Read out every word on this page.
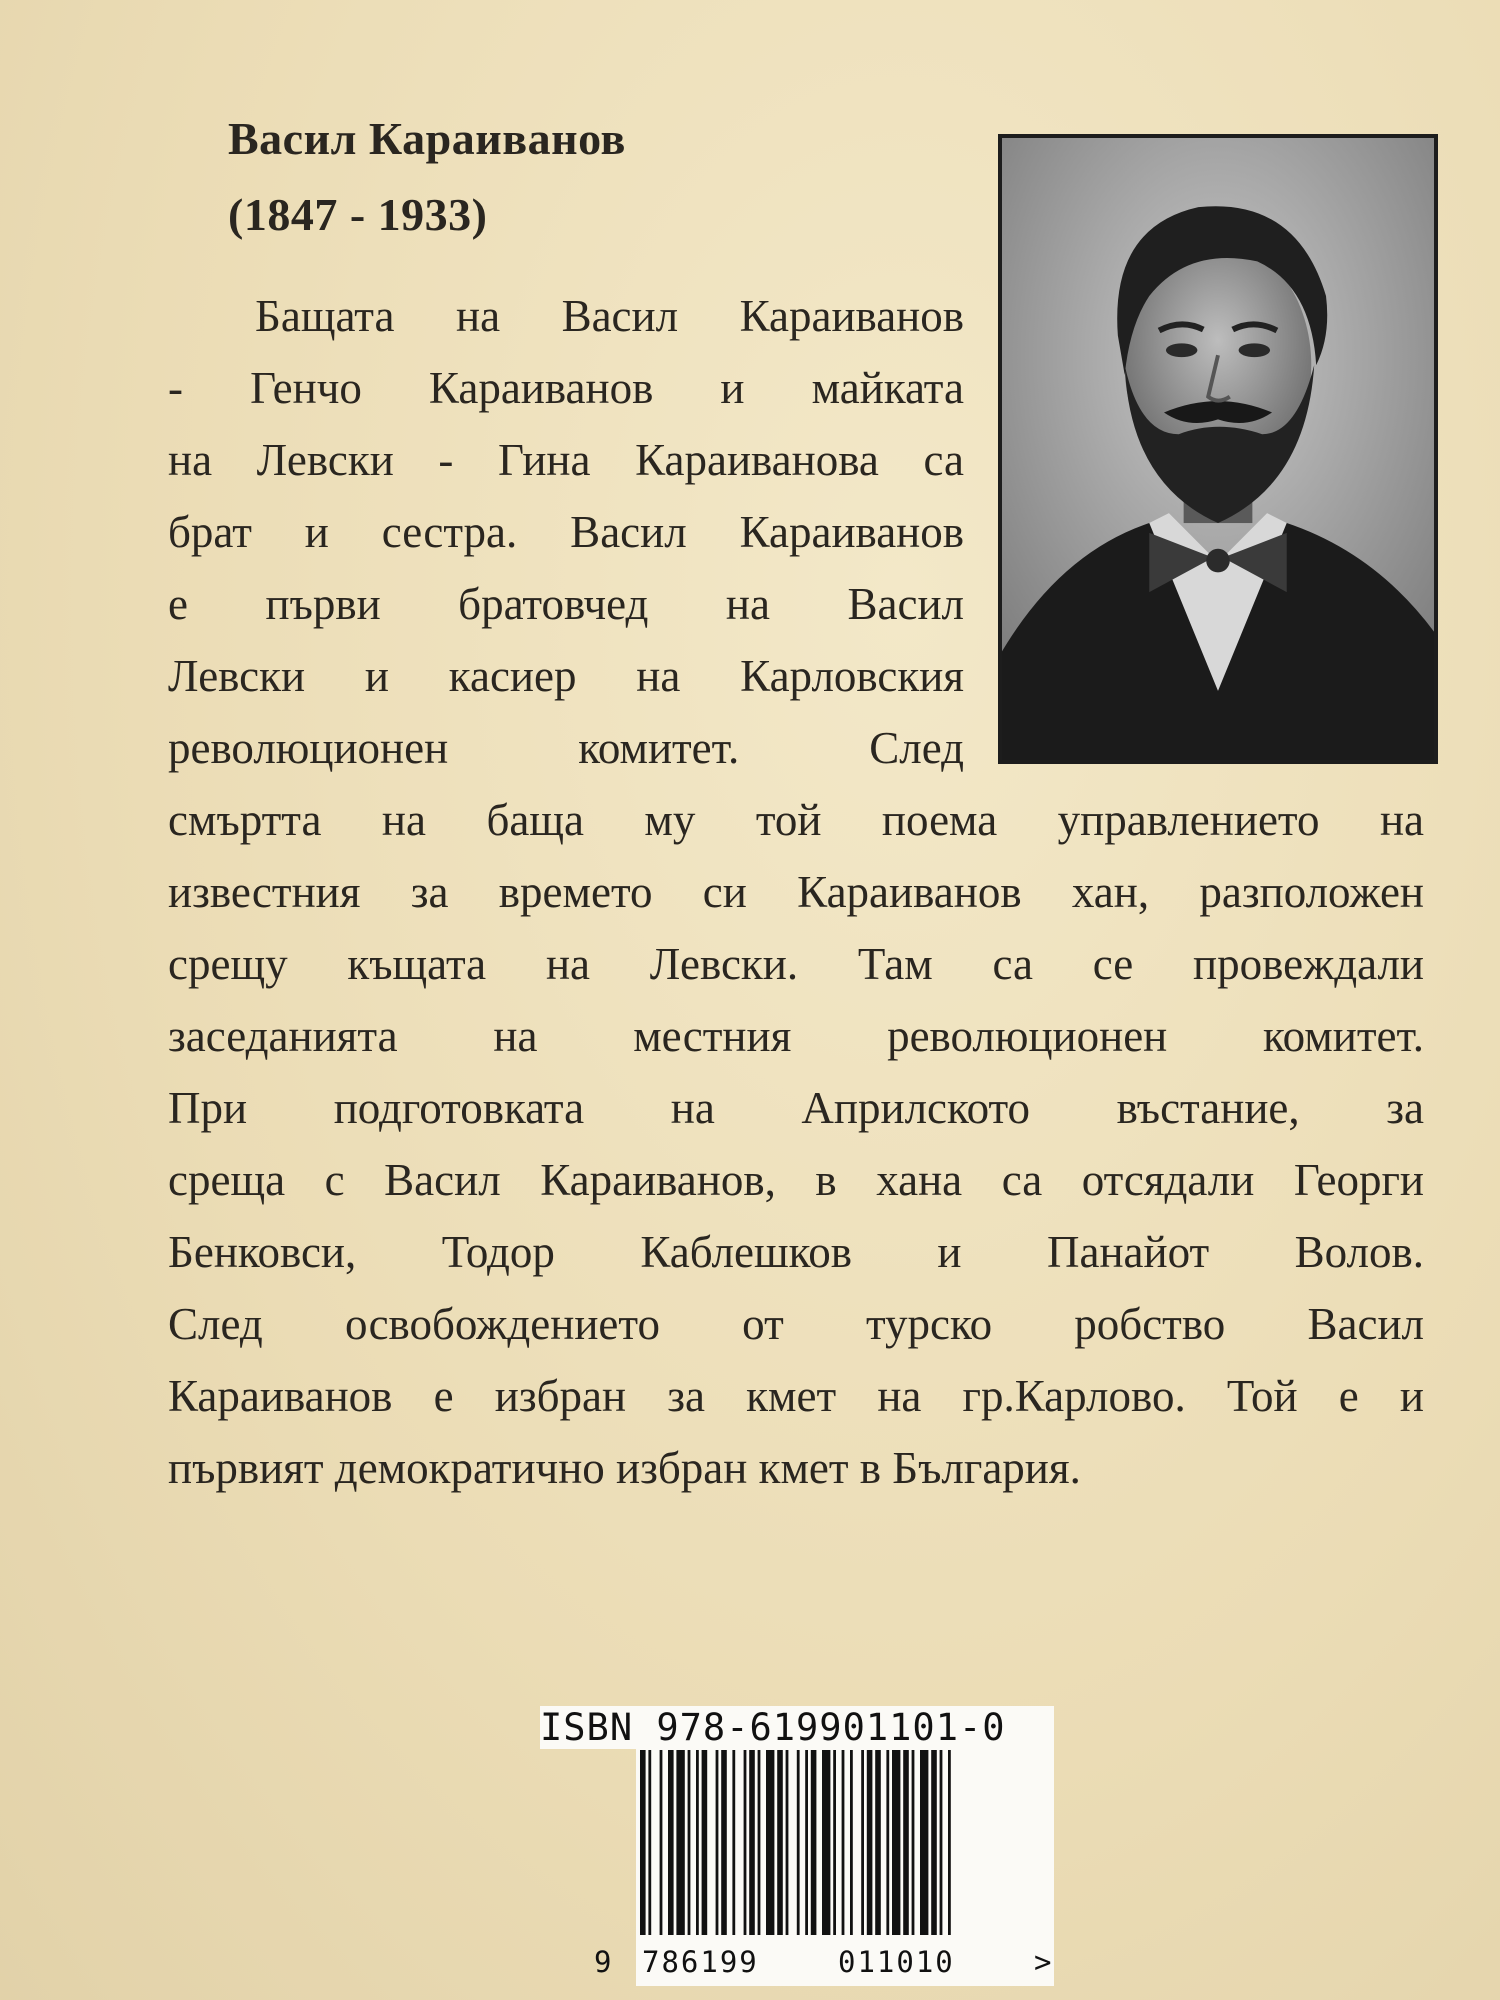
Васил Караиванов
(1847 - 1933)
Бащата на Васил Караиванов
- Генчо Караиванов и майката
на Левски - Гина Караиванова са
брат и сестра. Васил Караиванов
е първи братовчед на Васил
Левски и касиер на Карловския
революционен комитет. След
смъртта на баща му той поема управлението на
известния за времето си Караиванов хан, разположен
срещу къщата на Левски. Там са се провеждали
заседанията на местния революционен комитет.
При подготовката на Априлското въстание, за
среща с Васил Караиванов, в хана са отсядали Георги
Бенковси, Тодор Каблешков и Панайот Волов.
След освобождението от турско робство Васил
Караиванов е избран за кмет на гр.Карлово. Той е и
първият демократично избран кмет в България.
ISBN 978-619901101-0
9 786199	011010	>
